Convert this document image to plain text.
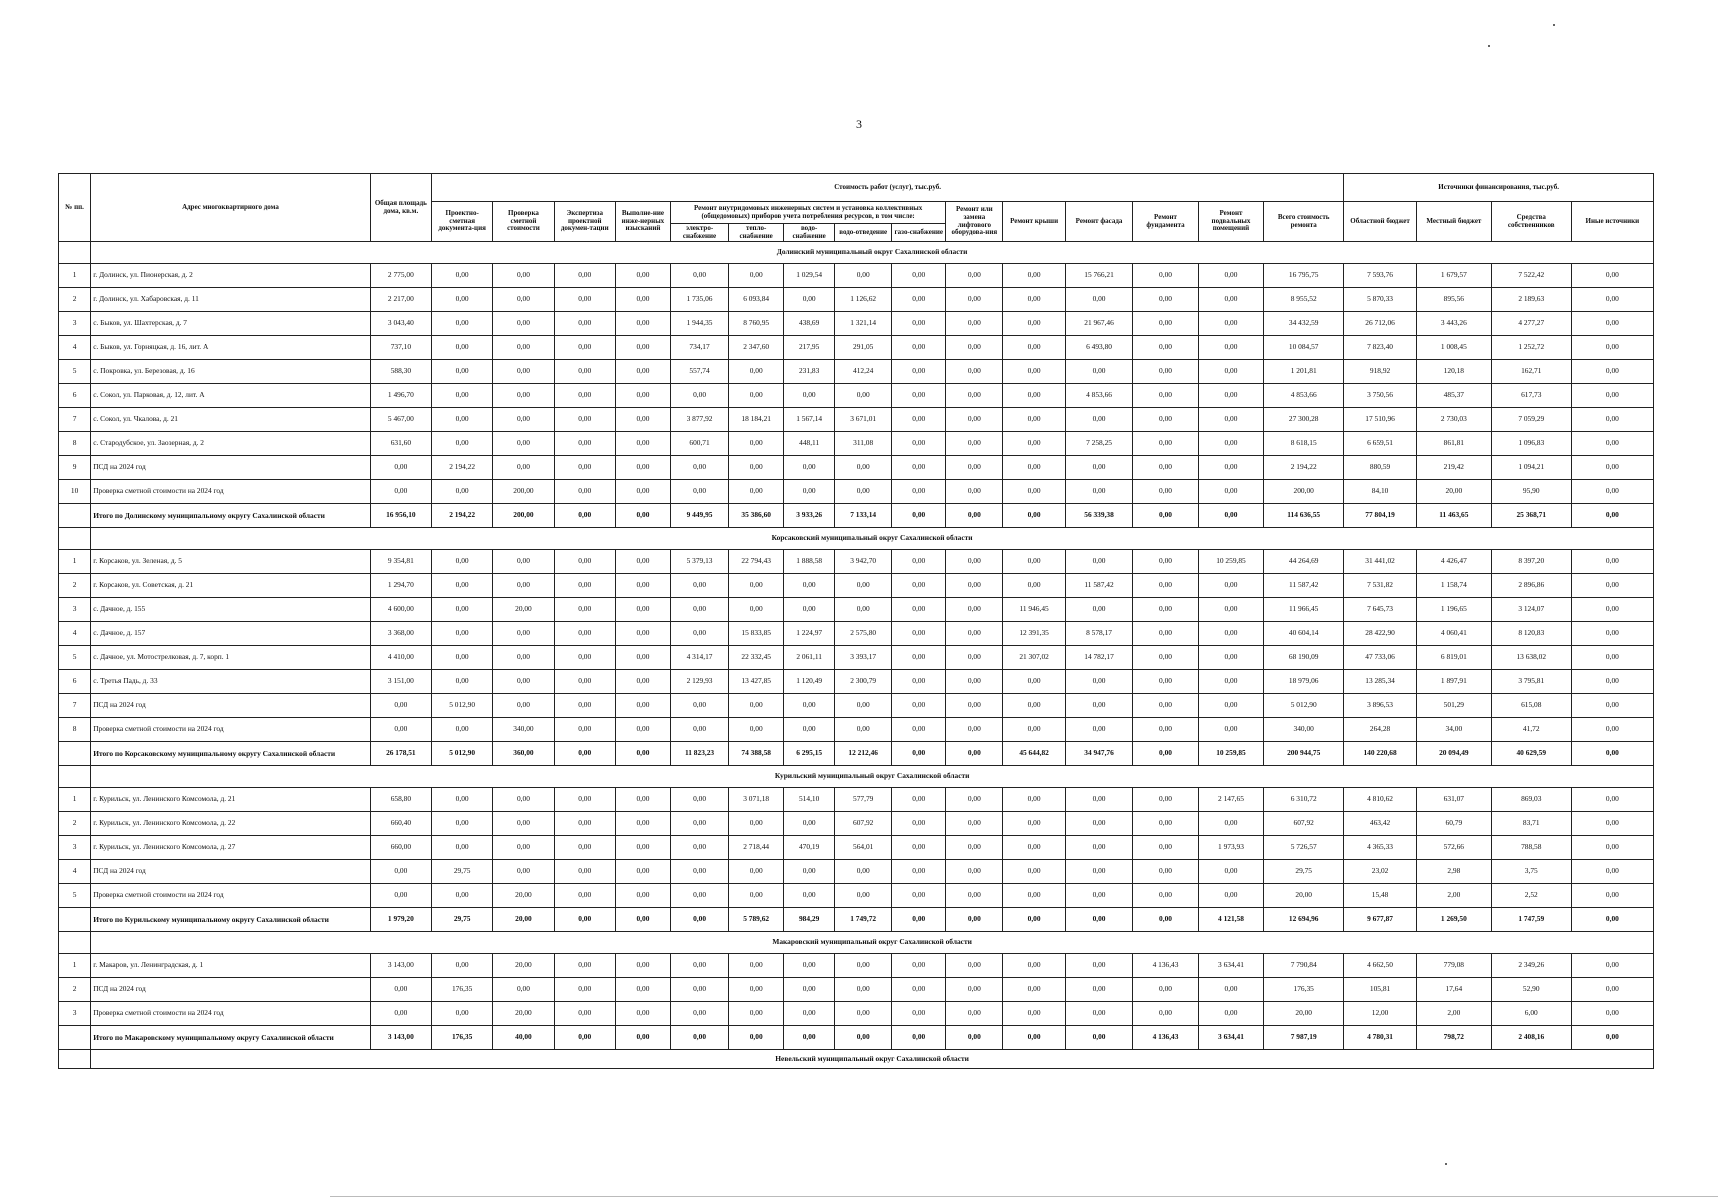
3
№ пп.	Адрес многоквартирного дома	Общая площадь дома, кв.м.	Стоимость работ (услуг), тыс.руб.															Источники финансирования, тыс.руб.			
			Проектно-сметная документа-ция	Проверка сметной стоимости	Экспертиза проектной докумен-тации	Выполне-ние инже-нерных изысканий	Ремонт внутридомовых инженерных систем и установка коллективных (общедомовых) приборов учета потребления ресурсов, в том числе:					Ремонт или замена лифтового оборудова-ния	Ремонт крыши	Ремонт фасада	Ремонт фундамента	Ремонт подвальных помещений	Всего стоимость ремонта	Областной бюджет	Местный бюджет	Средства собственников	Иные источники
							электро-снабжение	тепло-снабжение	водо-снабжение	водо-отведение	газо-снабжение										
	Долинский муниципальный округ Сахалинской области																				
1	г. Долинск, ул. Пионерская, д. 2	2 775,00	0,00	0,00	0,00	0,00	0,00	0,00	1 029,54	0,00	0,00	0,00	0,00	15 766,21	0,00	0,00	16 795,75	7 593,76	1 679,57	7 522,42	0,00
2	г. Долинск, ул. Хабаровская, д. 11	2 217,00	0,00	0,00	0,00	0,00	1 735,06	6 093,84	0,00	1 126,62	0,00	0,00	0,00	0,00	0,00	0,00	8 955,52	5 870,33	895,56	2 189,63	0,00
3	с. Быков, ул. Шахтерская, д. 7	3 043,40	0,00	0,00	0,00	0,00	1 944,35	8 760,95	438,69	1 321,14	0,00	0,00	0,00	21 967,46	0,00	0,00	34 432,59	26 712,06	3 443,26	4 277,27	0,00
4	с. Быков, ул. Горняцкая, д. 16, лит. А	737,10	0,00	0,00	0,00	0,00	734,17	2 347,60	217,95	291,05	0,00	0,00	0,00	6 493,80	0,00	0,00	10 084,57	7 823,40	1 008,45	1 252,72	0,00
5	с. Покровка, ул. Березовая, д. 16	588,30	0,00	0,00	0,00	0,00	557,74	0,00	231,83	412,24	0,00	0,00	0,00	0,00	0,00	0,00	1 201,81	918,92	120,18	162,71	0,00
6	с. Сокол, ул. Парковая, д. 12, лит. А	1 496,70	0,00	0,00	0,00	0,00	0,00	0,00	0,00	0,00	0,00	0,00	0,00	4 853,66	0,00	0,00	4 853,66	3 750,56	485,37	617,73	0,00
7	с. Сокол, ул. Чкалова, д. 21	5 467,00	0,00	0,00	0,00	0,00	3 877,92	18 184,21	1 567,14	3 671,01	0,00	0,00	0,00	0,00	0,00	0,00	27 300,28	17 510,96	2 730,03	7 059,29	0,00
8	с. Стародубское, ул. Заозерная, д. 2	631,60	0,00	0,00	0,00	0,00	600,71	0,00	448,11	311,08	0,00	0,00	0,00	7 258,25	0,00	0,00	8 618,15	6 659,51	861,81	1 096,83	0,00
9	ПСД на 2024 год	0,00	2 194,22	0,00	0,00	0,00	0,00	0,00	0,00	0,00	0,00	0,00	0,00	0,00	0,00	0,00	2 194,22	880,59	219,42	1 094,21	0,00
10	Проверка сметной стоимости на 2024 год	0,00	0,00	200,00	0,00	0,00	0,00	0,00	0,00	0,00	0,00	0,00	0,00	0,00	0,00	0,00	200,00	84,10	20,00	95,90	0,00
	Итого по Долинскому муниципальному округу Сахалинской области	16 956,10	2 194,22	200,00	0,00	0,00	9 449,95	35 386,60	3 933,26	7 133,14	0,00	0,00	0,00	56 339,38	0,00	0,00	114 636,55	77 804,19	11 463,65	25 368,71	0,00
	Корсаковский муниципальный округ Сахалинской области																				
1	г. Корсаков, ул. Зеленая, д. 5	9 354,81	0,00	0,00	0,00	0,00	5 379,13	22 794,43	1 888,58	3 942,70	0,00	0,00	0,00	0,00	0,00	10 259,85	44 264,69	31 441,02	4 426,47	8 397,20	0,00
2	г. Корсаков, ул. Советская, д. 21	1 294,70	0,00	0,00	0,00	0,00	0,00	0,00	0,00	0,00	0,00	0,00	0,00	11 587,42	0,00	0,00	11 587,42	7 531,82	1 158,74	2 896,86	0,00
3	с. Дачное, д. 155	4 600,00	0,00	20,00	0,00	0,00	0,00	0,00	0,00	0,00	0,00	0,00	11 946,45	0,00	0,00	0,00	11 966,45	7 645,73	1 196,65	3 124,07	0,00
4	с. Дачное, д. 157	3 368,00	0,00	0,00	0,00	0,00	0,00	15 833,85	1 224,97	2 575,80	0,00	0,00	12 391,35	8 578,17	0,00	0,00	40 604,14	28 422,90	4 060,41	8 120,83	0,00
5	с. Дачное, ул. Мотострелковая, д. 7, корп. 1	4 410,00	0,00	0,00	0,00	0,00	4 314,17	22 332,45	2 061,11	3 393,17	0,00	0,00	21 307,02	14 782,17	0,00	0,00	68 190,09	47 733,06	6 819,01	13 638,02	0,00
6	с. Третья Падь, д. 33	3 151,00	0,00	0,00	0,00	0,00	2 129,93	13 427,85	1 120,49	2 300,79	0,00	0,00	0,00	0,00	0,00	0,00	18 979,06	13 285,34	1 897,91	3 795,81	0,00
7	ПСД на 2024 год	0,00	5 012,90	0,00	0,00	0,00	0,00	0,00	0,00	0,00	0,00	0,00	0,00	0,00	0,00	0,00	5 012,90	3 896,53	501,29	615,08	0,00
8	Проверка сметной стоимости на 2024 год	0,00	0,00	340,00	0,00	0,00	0,00	0,00	0,00	0,00	0,00	0,00	0,00	0,00	0,00	0,00	340,00	264,28	34,00	41,72	0,00
	Итого по Корсаковскому муниципальному округу Сахалинской области	26 178,51	5 012,90	360,00	0,00	0,00	11 823,23	74 388,58	6 295,15	12 212,46	0,00	0,00	45 644,82	34 947,76	0,00	10 259,85	200 944,75	140 220,68	20 094,49	40 629,59	0,00
	Курильский муниципальный округ Сахалинской области																				
1	г. Курильск, ул. Ленинского Комсомола, д. 21	658,80	0,00	0,00	0,00	0,00	0,00	3 071,18	514,10	577,79	0,00	0,00	0,00	0,00	0,00	2 147,65	6 310,72	4 810,62	631,07	869,03	0,00
2	г. Курильск, ул. Ленинского Комсомола, д. 22	660,40	0,00	0,00	0,00	0,00	0,00	0,00	0,00	607,92	0,00	0,00	0,00	0,00	0,00	0,00	607,92	463,42	60,79	83,71	0,00
3	г. Курильск, ул. Ленинского Комсомола, д. 27	660,00	0,00	0,00	0,00	0,00	0,00	2 718,44	470,19	564,01	0,00	0,00	0,00	0,00	0,00	1 973,93	5 726,57	4 365,33	572,66	788,58	0,00
4	ПСД на 2024 год	0,00	29,75	0,00	0,00	0,00	0,00	0,00	0,00	0,00	0,00	0,00	0,00	0,00	0,00	0,00	29,75	23,02	2,98	3,75	0,00
5	Проверка сметной стоимости на 2024 год	0,00	0,00	20,00	0,00	0,00	0,00	0,00	0,00	0,00	0,00	0,00	0,00	0,00	0,00	0,00	20,00	15,48	2,00	2,52	0,00
	Итого по Курильскому муниципальному округу Сахалинской области	1 979,20	29,75	20,00	0,00	0,00	0,00	5 789,62	984,29	1 749,72	0,00	0,00	0,00	0,00	0,00	4 121,58	12 694,96	9 677,87	1 269,50	1 747,59	0,00
	Макаровский муниципальный округ Сахалинской области																				
1	г. Макаров, ул. Ленинградская, д. 1	3 143,00	0,00	20,00	0,00	0,00	0,00	0,00	0,00	0,00	0,00	0,00	0,00	0,00	4 136,43	3 634,41	7 790,84	4 662,50	779,08	2 349,26	0,00
2	ПСД на 2024 год	0,00	176,35	0,00	0,00	0,00	0,00	0,00	0,00	0,00	0,00	0,00	0,00	0,00	0,00	0,00	176,35	105,81	17,64	52,90	0,00
3	Проверка сметной стоимости на 2024 год	0,00	0,00	20,00	0,00	0,00	0,00	0,00	0,00	0,00	0,00	0,00	0,00	0,00	0,00	0,00	20,00	12,00	2,00	6,00	0,00
	Итого по Макаровскому муниципальному округу Сахалинской области	3 143,00	176,35	40,00	0,00	0,00	0,00	0,00	0,00	0,00	0,00	0,00	0,00	0,00	4 136,43	3 634,41	7 987,19	4 780,31	798,72	2 408,16	0,00
	Невельский муниципальный округ Сахалинской области																				
